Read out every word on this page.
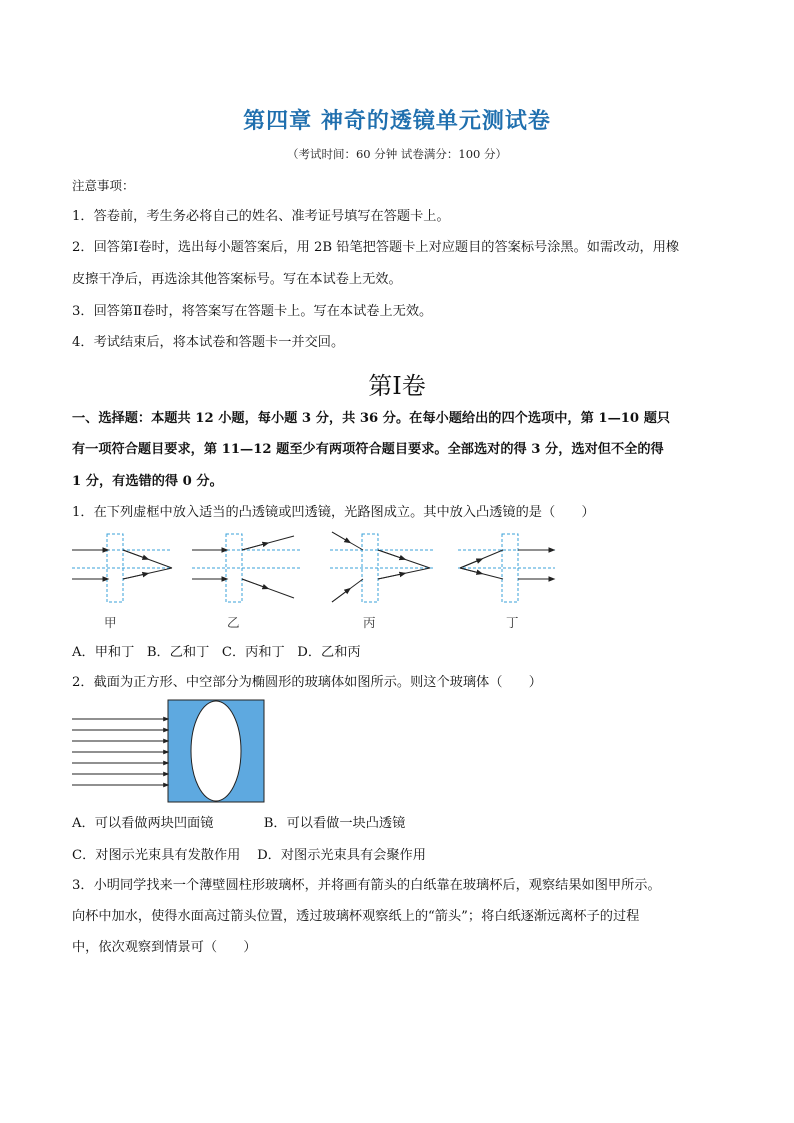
第四章 神奇的透镜单元测试卷
（考试时间：60 分钟 试卷满分：100 分）
注意事项：
1．答卷前，考生务必将自己的姓名、准考证号填写在答题卡上。
2．回答第Ⅰ卷时，选出每小题答案后，用 2B 铅笔把答题卡上对应题目的答案标号涂黑。如需改动，用橡
皮擦干净后，再选涂其他答案标号。写在本试卷上无效。
3．回答第Ⅱ卷时，将答案写在答题卡上。写在本试卷上无效。
4．考试结束后，将本试卷和答题卡一并交回。
第Ⅰ卷
一、选择题：本题共 12 小题，每小题 3 分，共 36 分。在每小题给出的四个选项中，第 1—10 题只
有一项符合题目要求，第 11—12 题至少有两项符合题目要求。全部选对的得 3 分，选对但不全的得
1 分，有选错的得 0 分。
1．在下列虚框中放入适当的凸透镜或凹透镜，光路图成立。其中放入凸透镜的是（　　）
甲	乙	丙	丁
A．甲和丁   B．乙和丁   C．丙和丁   D．乙和丙
2．截面为正方形、中空部分为椭圆形的玻璃体如图所示。则这个玻璃体（　　）
A．可以看做两块凹面镜            B．可以看做一块凸透镜
C．对图示光束具有发散作用    D．对图示光束具有会聚作用
3．小明同学找来一个薄壁圆柱形玻璃杯，并将画有箭头的白纸靠在玻璃杯后，观察结果如图甲所示。
向杯中加水，使得水面高过箭头位置，透过玻璃杯观察纸上的“箭头”；将白纸逐渐远离杯子的过程
中，依次观察到情景可（　　）
